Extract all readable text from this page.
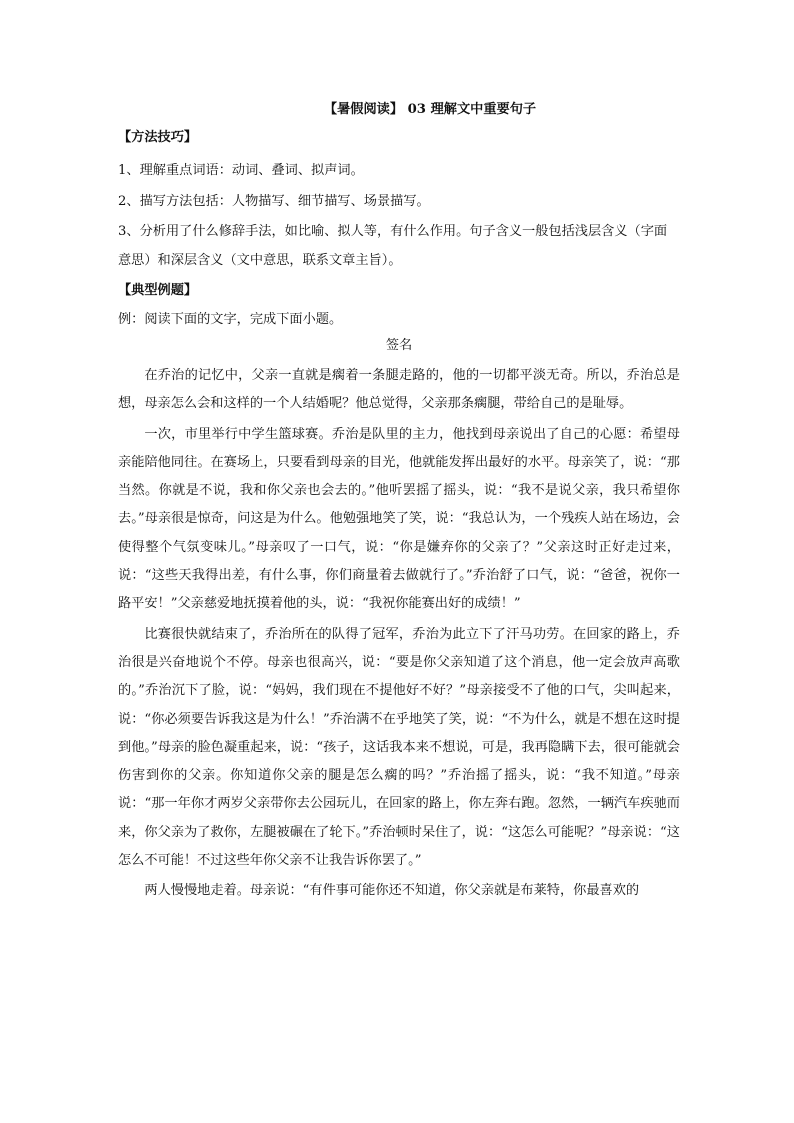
【暑假阅读】 03 理解文中重要句子
【方法技巧】

1、理解重点词语：动词、叠词、拟声词。

2、描写方法包括：人物描写、细节描写、场景描写。

3、分析用了什么修辞手法，如比喻、拟人等，有什么作用。句子含义一般包括浅层含义（字面意思）和深层含义（文中意思，联系文章主旨）。

【典型例题】

例：阅读下面的文字，完成下面小题。

签名

在乔治的记忆中，父亲一直就是瘸着一条腿走路的，他的一切都平淡无奇。所以，乔治总是想，母亲怎么会和这样的一个人结婚呢？他总觉得，父亲那条瘸腿，带给自己的是耻辱。

一次，市里举行中学生篮球赛。乔治是队里的主力，他找到母亲说出了自己的心愿：希望母亲能陪他同往。在赛场上，只要看到母亲的目光，他就能发挥出最好的水平。母亲笑了，说：“那当然。你就是不说，我和你父亲也会去的。”他听罢摇了摇头，说：“我不是说父亲，我只希望你去。”母亲很是惊奇，问这是为什么。他勉强地笑了笑，说：“我总认为，一个残疾人站在场边，会使得整个气氛变味儿。”母亲叹了一口气，说：“你是嫌弃你的父亲了？”父亲这时正好走过来，说：“这些天我得出差，有什么事，你们商量着去做就行了。”乔治舒了口气，说：“爸爸，祝你一路平安！”父亲慈爱地抚摸着他的头，说：“我祝你能赛出好的成绩！”

比赛很快就结束了，乔治所在的队得了冠军，乔治为此立下了汗马功劳。在回家的路上，乔治很是兴奋地说个不停。母亲也很高兴，说：“要是你父亲知道了这个消息，他一定会放声高歌的。”乔治沉下了脸，说：“妈妈，我们现在不提他好不好？”母亲接受不了他的口气，尖叫起来，说：“你必须要告诉我这是为什么！”乔治满不在乎地笑了笑，说：“不为什么，就是不想在这时提到他。”母亲的脸色凝重起来，说：“孩子，这话我本来不想说，可是，我再隐瞒下去，很可能就会伤害到你的父亲。你知道你父亲的腿是怎么瘸的吗？”乔治摇了摇头，说：“我不知道。”母亲说：“那一年你才两岁父亲带你去公园玩儿，在回家的路上，你左奔右跑。忽然，一辆汽车疾驰而来，你父亲为了救你，左腿被碾在了轮下。”乔治顿时呆住了，说：“这怎么可能呢？”母亲说：“这怎么不可能！不过这些年你父亲不让我告诉你罢了。”

两人慢慢地走着。母亲说：“有件事可能你还不知道，你父亲就是布莱特，你最喜欢的
